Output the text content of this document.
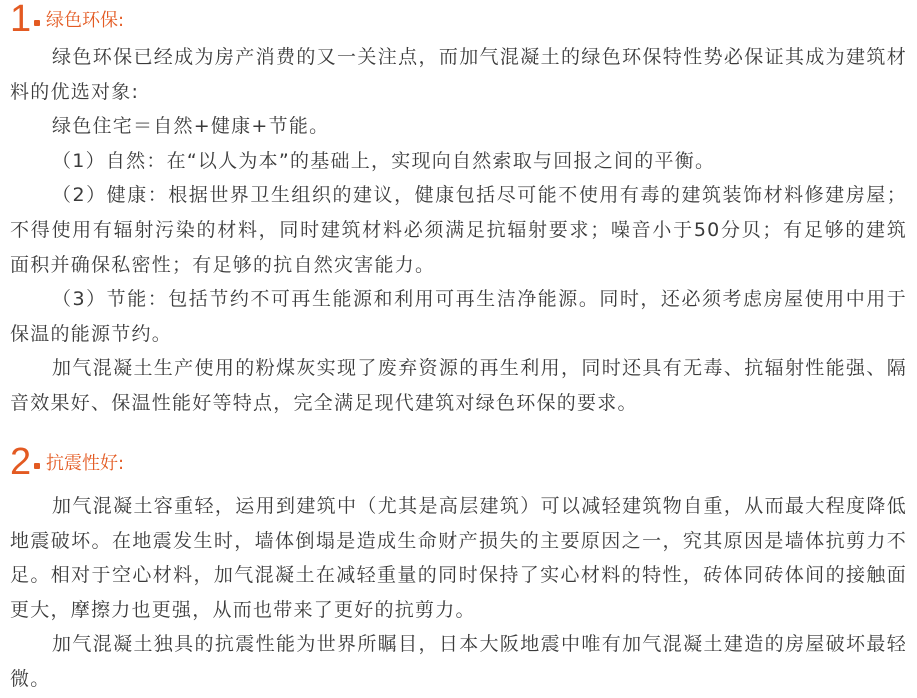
1 绿色环保:

绿色环保已经成为房产消费的又一关注点，而加气混凝土的绿色环保特性势必保证其成为建筑材料的优选对象:

绿色住宅＝自然+健康+节能。

（1）自然：在“以人为本”的基础上，实现向自然索取与回报之间的平衡。

（2）健康：根据世界卫生组织的建议，健康包括尽可能不使用有毒的建筑装饰材料修建房屋；不得使用有辐射污染的材料，同时建筑材料必须满足抗辐射要求；噪音小于50分贝；有足够的建筑面积并确保私密性；有足够的抗自然灾害能力。

（3）节能：包括节约不可再生能源和利用可再生洁净能源。同时，还必须考虑房屋使用中用于保温的能源节约。

加气混凝土生产使用的粉煤灰实现了废弃资源的再生利用，同时还具有无毒、抗辐射性能强、隔音效果好、保温性能好等特点，完全满足现代建筑对绿色环保的要求。

2 抗震性好:

加气混凝土容重轻，运用到建筑中（尤其是高层建筑）可以减轻建筑物自重，从而最大程度降低地震破坏。在地震发生时，墙体倒塌是造成生命财产损失的主要原因之一，究其原因是墙体抗剪力不足。相对于空心材料，加气混凝土在减轻重量的同时保持了实心材料的特性，砖体同砖体间的接触面更大，摩擦力也更强，从而也带来了更好的抗剪力。

加气混凝土独具的抗震性能为世界所瞩目，日本大阪地震中唯有加气混凝土建造的房屋破坏最轻微。
